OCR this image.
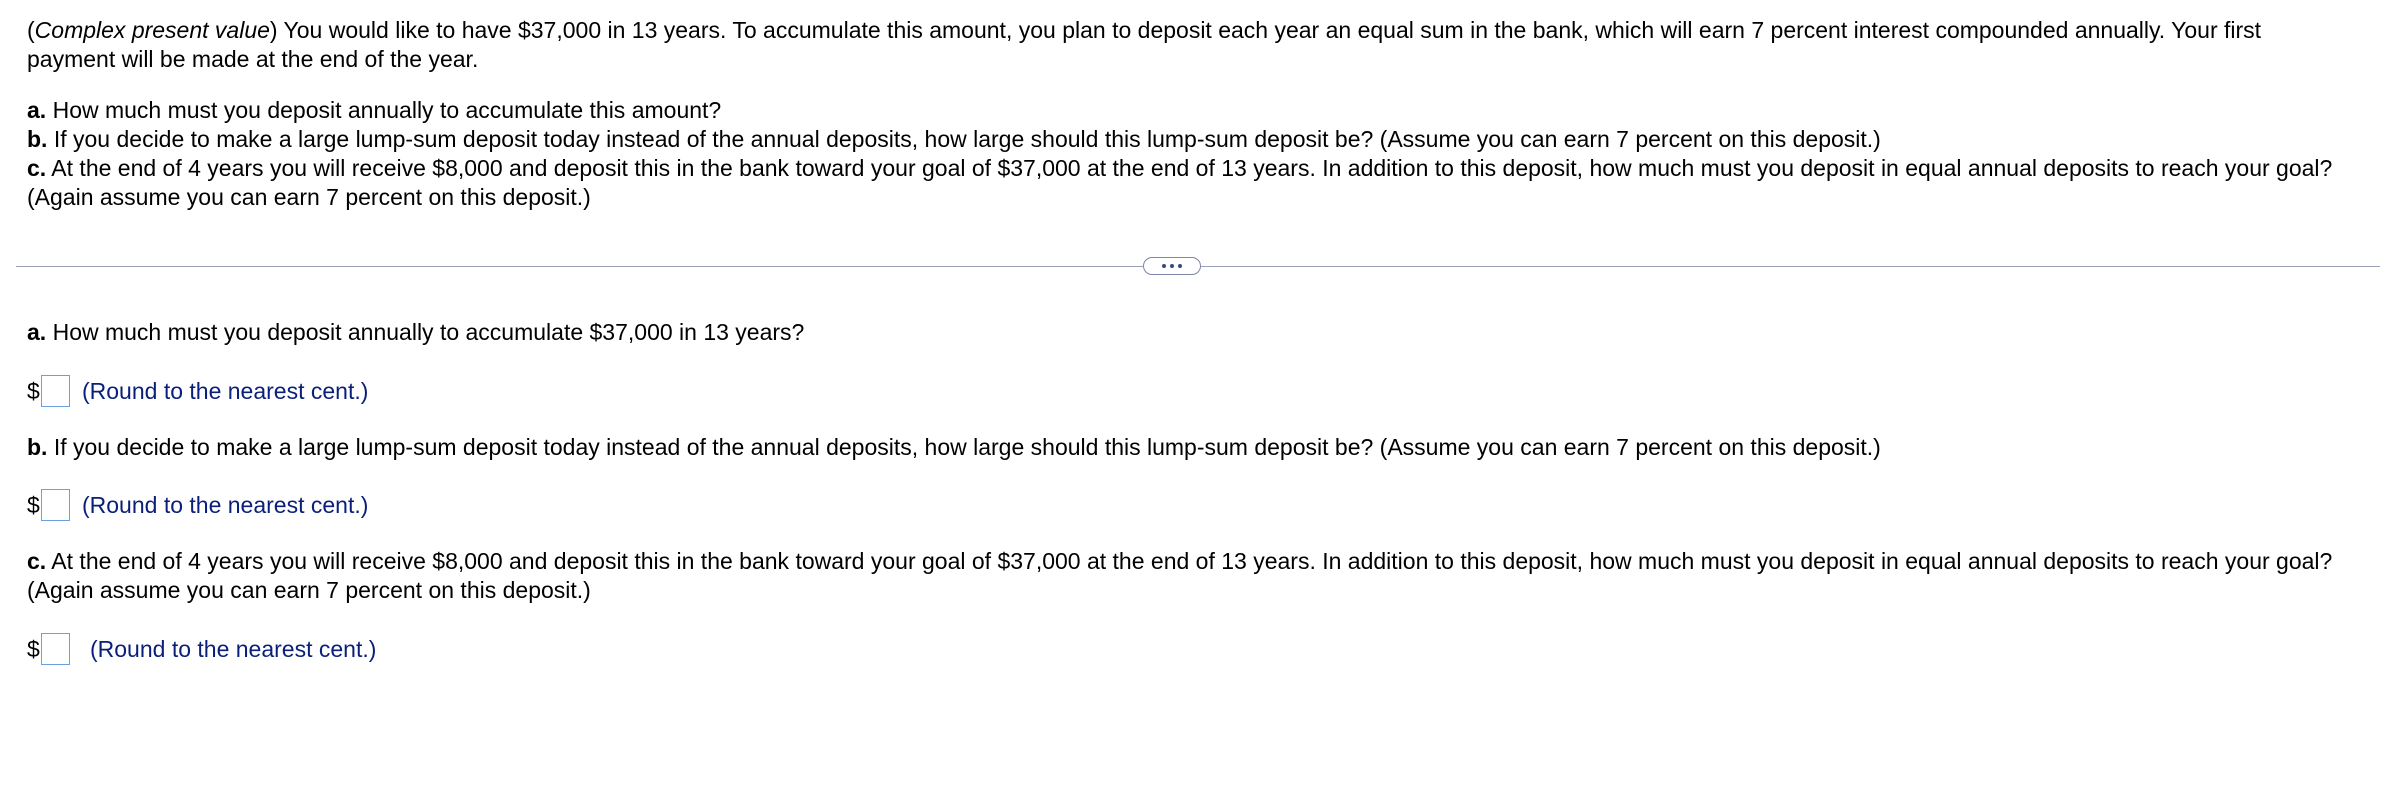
(Complex present value) You would like to have $37,000 in 13 years. To accumulate this amount, you plan to deposit each year an equal sum in the bank, which will earn 7 percent interest compounded annually. Your first payment will be made at the end of the year.

a. How much must you deposit annually to accumulate this amount?

b. If you decide to make a large lump-sum deposit today instead of the annual deposits, how large should this lump-sum deposit be? (Assume you can earn 7 percent on this deposit.)

c. At the end of 4 years you will receive $8,000 and deposit this in the bank toward your goal of $37,000 at the end of 13 years. In addition to this deposit, how much must you deposit in equal annual deposits to reach your goal? (Again assume you can earn 7 percent on this deposit.)

a. How much must you deposit annually to accumulate $37,000 in 13 years?

$ (Round to the nearest cent.)

b. If you decide to make a large lump-sum deposit today instead of the annual deposits, how large should this lump-sum deposit be? (Assume you can earn 7 percent on this deposit.)

$ (Round to the nearest cent.)

c. At the end of 4 years you will receive $8,000 and deposit this in the bank toward your goal of $37,000 at the end of 13 years. In addition to this deposit, how much must you deposit in equal annual deposits to reach your goal? (Again assume you can earn 7 percent on this deposit.)

$ (Round to the nearest cent.)
